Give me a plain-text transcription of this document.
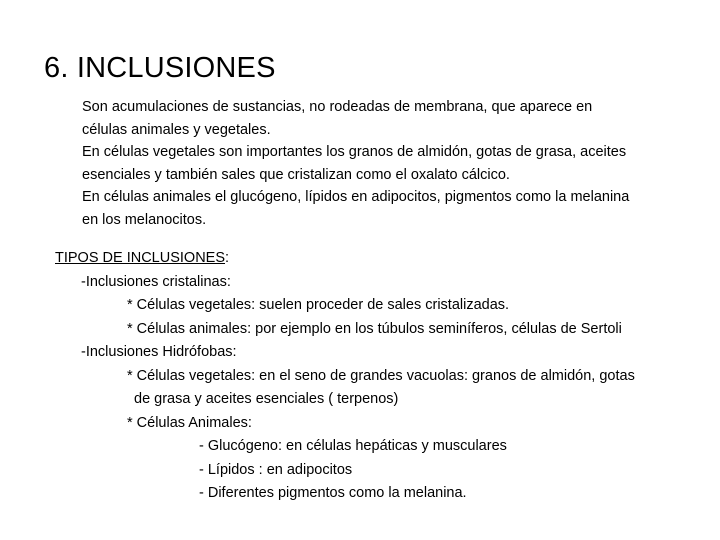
6. INCLUSIONES

Son acumulaciones de sustancias, no rodeadas de membrana, que aparece en

células animales y vegetales.

En células vegetales son importantes los granos de almidón, gotas de grasa, aceites

esenciales y también sales que cristalizan como el oxalato cálcico.

En células animales el glucógeno, lípidos en adipocitos, pigmentos como la melanina

en los melanocitos.

TIPOS DE INCLUSIONES:
-Inclusiones cristalinas:
* Células vegetales: suelen proceder de sales cristalizadas.
* Células animales: por ejemplo en los túbulos seminíferos, células de Sertoli
-Inclusiones Hidrófobas:
* Células vegetales: en el seno de grandes vacuolas: granos de almidón, gotas
de grasa y aceites esenciales ( terpenos)
* Células Animales:
- Glucógeno: en células hepáticas y musculares
- Lípidos : en adipocitos
- Diferentes pigmentos como la melanina.
